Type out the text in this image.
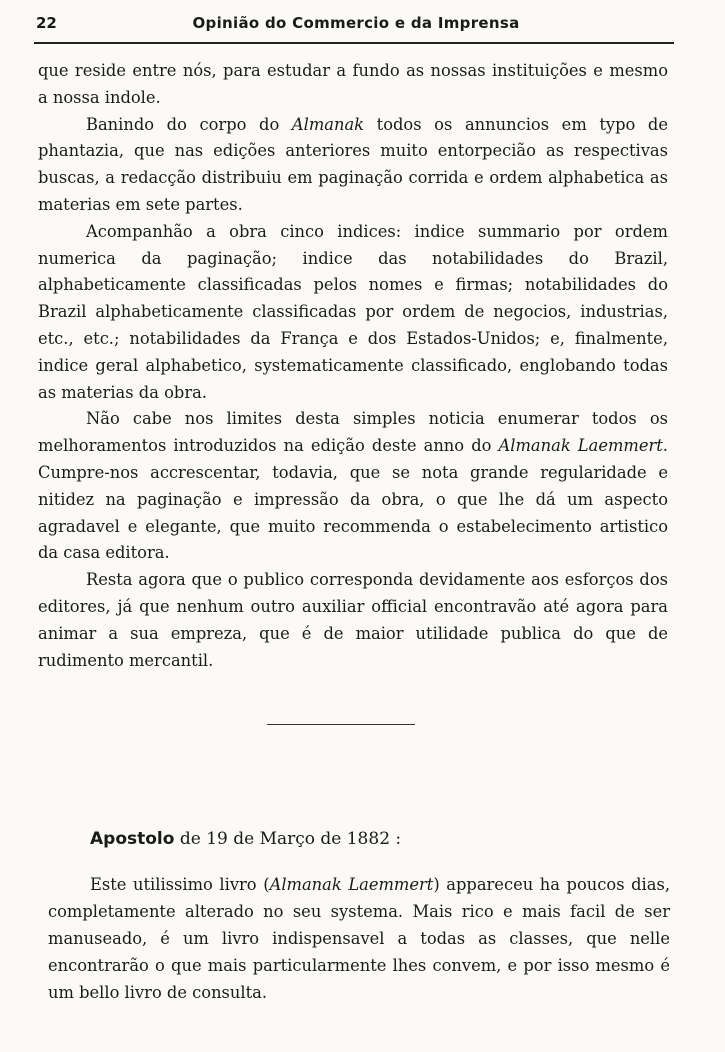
22	Opinião do Commercio e da Imprensa

que reside entre nós, para estudar a fundo as nossas instituições e mesmo a nossa indole.

Banindo do corpo do Almanak todos os annuncios em typo de phantazia, que nas edições anteriores muito entorpecião as respectivas buscas, a redacção distribuiu em paginação corrida e ordem alphabetica as materias em sete partes.

Acompanhão a obra cinco indices: indice summario por ordem numerica da paginação; indice das notabilidades do Brazil, alphabeticamente classificadas pelos nomes e firmas; notabilidades do Brazil alphabeticamente classificadas por ordem de negocios, industrias, etc., etc.; notabilidades da França e dos Estados-Unidos; e, finalmente, indice geral alphabetico, systematicamente classificado, englobando todas as materias da obra.

Não cabe nos limites desta simples noticia enumerar todos os melhoramentos introduzidos na edição deste anno do Almanak Laemmert. Cumpre-nos accrescentar, todavia, que se nota grande regularidade e nitidez na paginação e impressão da obra, o que lhe dá um aspecto agradavel e elegante, que muito recommenda o estabelecimento artistico da casa editora.

Resta agora que o publico corresponda devidamente aos esforços dos editores, já que nenhum outro auxiliar official encontravão até agora para animar a sua empreza, que é de maior utilidade publica do que de rudimento mercantil.

Apostolo de 19 de Março de 1882 :

Este utilissimo livro (Almanak Laemmert) appareceu ha poucos dias, completamente alterado no seu systema. Mais rico e mais facil de ser manuseado, é um livro indispensavel a todas as classes, que nelle encontrarão o que mais particularmente lhes convem, e por isso mesmo é um bello livro de consulta.
